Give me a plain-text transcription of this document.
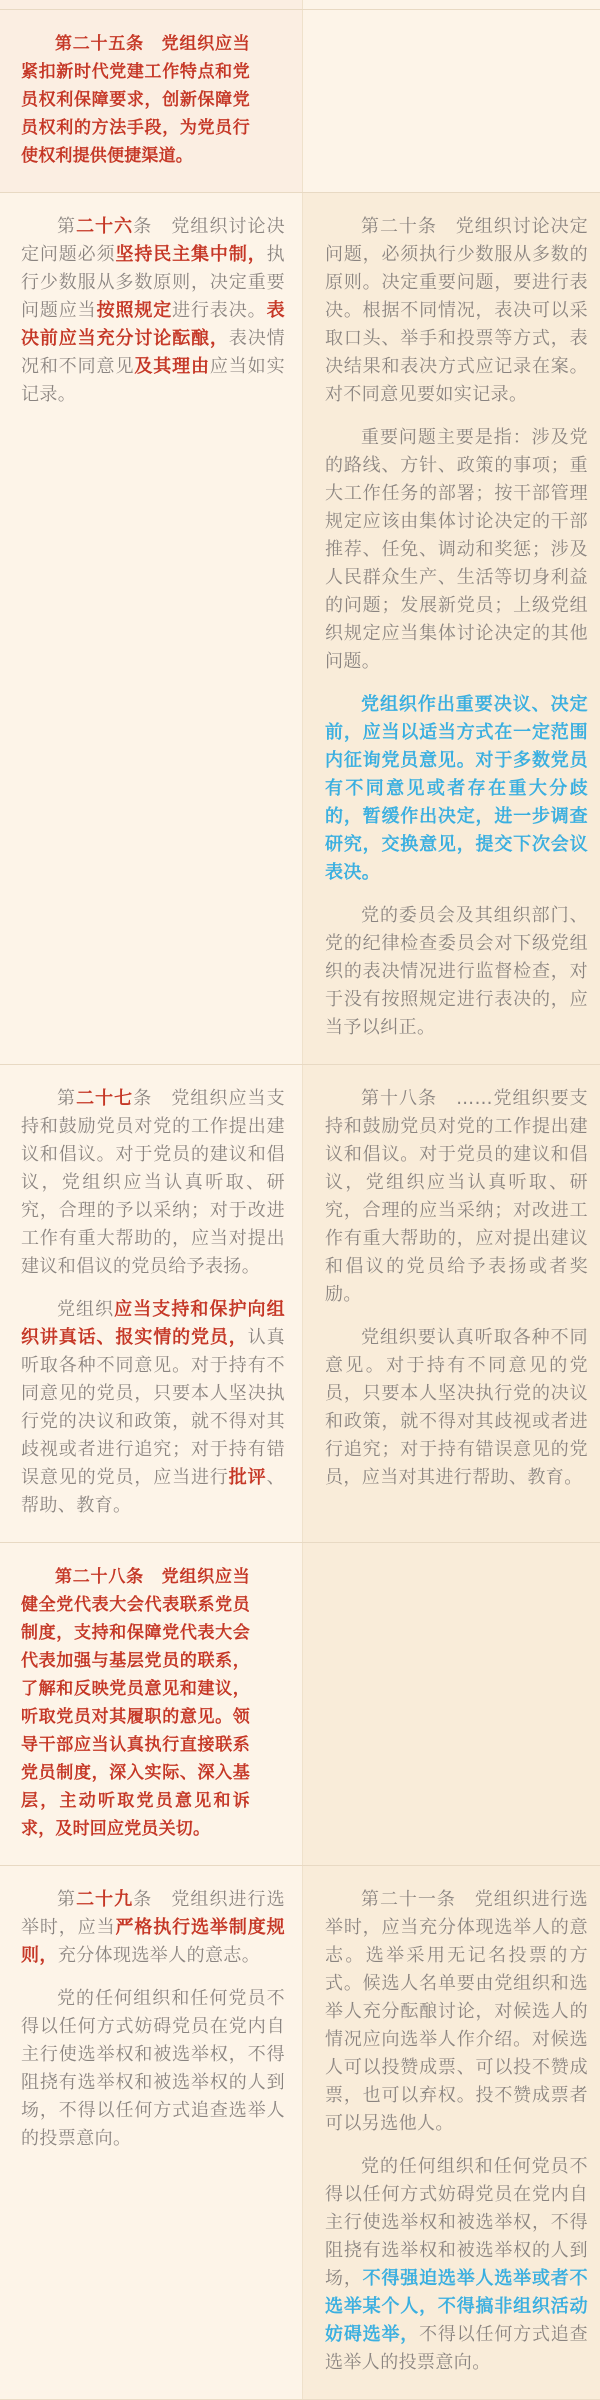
第二十五条　党组织应当紧扣新时代党建工作特点和党员权利保障要求，创新保障党员权利的方法手段，为党员行使权利提供便捷渠道。

第二十六条　党组织讨论决定问题必须坚持民主集中制，执行少数服从多数原则，决定重要问题应当按照规定进行表决。表决前应当充分讨论酝酿，表决情况和不同意见及其理由应当如实记录。

第二十条　党组织讨论决定问题，必须执行少数服从多数的原则。决定重要问题，要进行表决。根据不同情况，表决可以采取口头、举手和投票等方式，表决结果和表决方式应记录在案。对不同意见要如实记录。

重要问题主要是指：涉及党的路线、方针、政策的事项；重大工作任务的部署；按干部管理规定应该由集体讨论决定的干部推荐、任免、调动和奖惩；涉及人民群众生产、生活等切身利益的问题；发展新党员；上级党组织规定应当集体讨论决定的其他问题。

党组织作出重要决议、决定前，应当以适当方式在一定范围内征询党员意见。对于多数党员有不同意见或者存在重大分歧的，暂缓作出决定，进一步调查研究，交换意见，提交下次会议表决。

党的委员会及其组织部门、党的纪律检查委员会对下级党组织的表决情况进行监督检查，对于没有按照规定进行表决的，应当予以纠正。

第二十七条　党组织应当支持和鼓励党员对党的工作提出建议和倡议。对于党员的建议和倡议，党组织应当认真听取、研究，合理的予以采纳；对于改进工作有重大帮助的，应当对提出建议和倡议的党员给予表扬。

党组织应当支持和保护向组织讲真话、报实情的党员，认真听取各种不同意见。对于持有不同意见的党员，只要本人坚决执行党的决议和政策，就不得对其歧视或者进行追究；对于持有错误意见的党员，应当进行批评、帮助、教育。

第十八条　……党组织要支持和鼓励党员对党的工作提出建议和倡议。对于党员的建议和倡议，党组织应当认真听取、研究，合理的应当采纳；对改进工作有重大帮助的，应对提出建议和倡议的党员给予表扬或者奖励。

党组织要认真听取各种不同意见。对于持有不同意见的党员，只要本人坚决执行党的决议和政策，就不得对其歧视或者进行追究；对于持有错误意见的党员，应当对其进行帮助、教育。

第二十八条　党组织应当健全党代表大会代表联系党员制度，支持和保障党代表大会代表加强与基层党员的联系，了解和反映党员意见和建议，听取党员对其履职的意见。领导干部应当认真执行直接联系党员制度，深入实际、深入基层，主动听取党员意见和诉求，及时回应党员关切。

第二十九条　党组织进行选举时，应当严格执行选举制度规则，充分体现选举人的意志。

党的任何组织和任何党员不得以任何方式妨碍党员在党内自主行使选举权和被选举权，不得阻挠有选举权和被选举权的人到场，不得以任何方式追查选举人的投票意向。

第二十一条　党组织进行选举时，应当充分体现选举人的意志。选举采用无记名投票的方式。候选人名单要由党组织和选举人充分酝酿讨论，对候选人的情况应向选举人作介绍。对候选人可以投赞成票、可以投不赞成票，也可以弃权。投不赞成票者可以另选他人。

党的任何组织和任何党员不得以任何方式妨碍党员在党内自主行使选举权和被选举权，不得阻挠有选举权和被选举权的人到场，不得强迫选举人选举或者不选举某个人，不得搞非组织活动妨碍选举，不得以任何方式追查选举人的投票意向。
